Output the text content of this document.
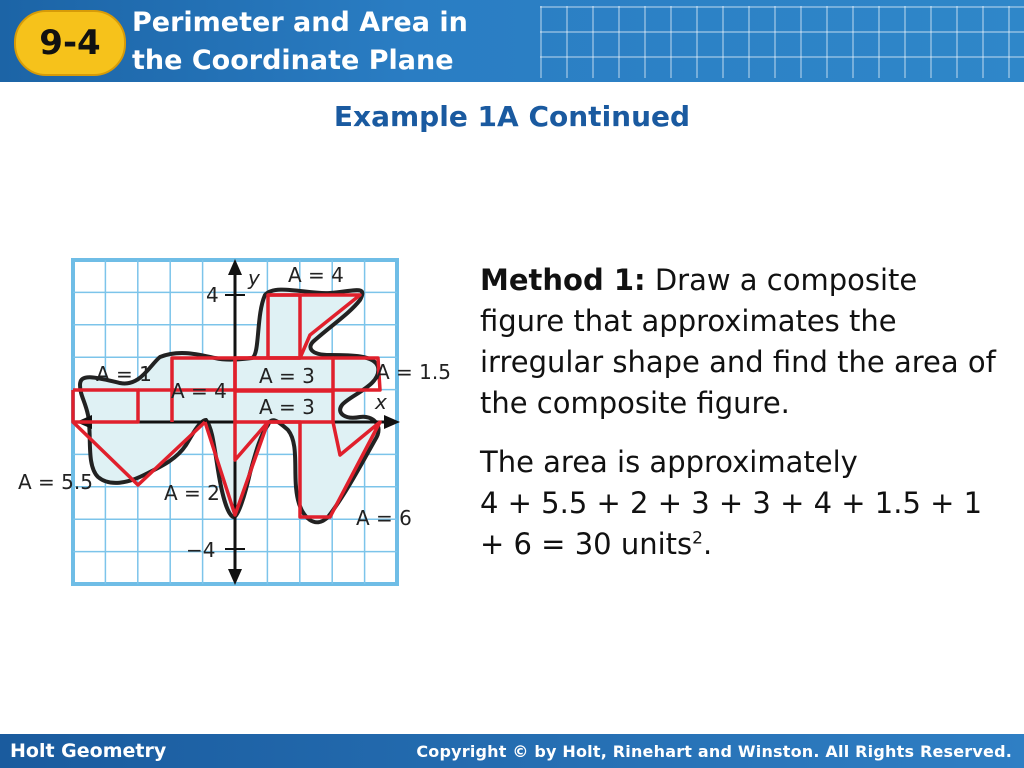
9-4
Perimeter and Area in
the Coordinate Plane
Example 1A Continued
A = 4
A = 1
A = 4
A = 3
A = 3
A = 1.5
A = 5.5	A = 2
A = 6
y
x
4
−4
Method 1: Draw a composite figure that approximates the irregular shape and find the area of the composite figure.
The area is approximately
4 + 5.5 + 2 + 3 + 3 + 4 + 1.5 + 1 + 6 = 30 units$^2$.
Holt Geometry	Copyright © by Holt, Rinehart and Winston. All Rights Reserved.
